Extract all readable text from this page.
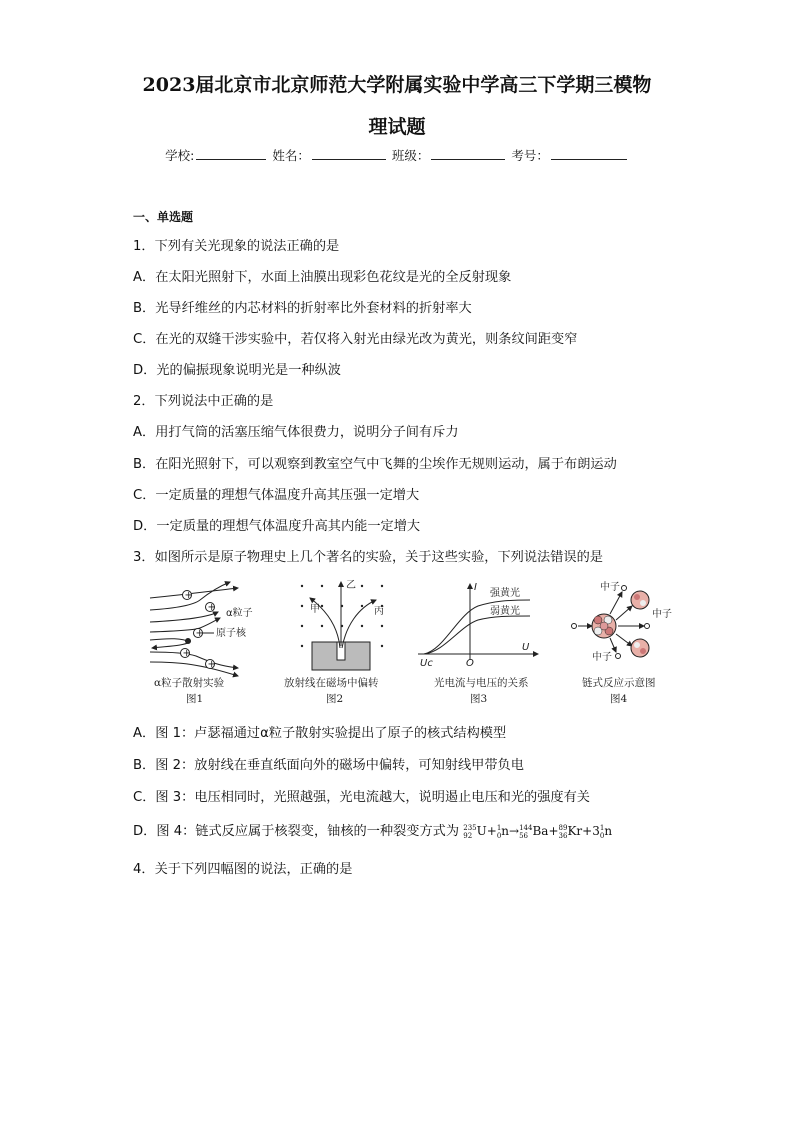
2023届北京市北京师范大学附属实验中学高三下学期三模物
理试题
学校:	姓名：	班级：	考号：
一、单选题
1．下列有关光现象的说法正确的是
A．在太阳光照射下，水面上油膜出现彩色花纹是光的全反射现象
B．光导纤维丝的内芯材料的折射率比外套材料的折射率大
C．在光的双缝干涉实验中，若仅将入射光由绿光改为黄光，则条纹间距变窄
D．光的偏振现象说明光是一种纵波
2．下列说法中正确的是
A．用打气筒的活塞压缩气体很费力，说明分子间有斥力
B．在阳光照射下，可以观察到教室空气中飞舞的尘埃作无规则运动，属于布朗运动
C．一定质量的理想气体温度升高其压强一定增大
D．一定质量的理想气体温度升高其内能一定增大
3．如图所示是原子物理史上几个著名的实验，关于这些实验，下列说法错误的是
+
+
+
+
+
α粒子
原子核
α粒子散射实验
图1
甲
乙
丙
放射线在磁场中偏转
图2
I
U
O
Uc
强黄光
弱黄光
光电流与电压的关系
图3
中子
中子
中子
链式反应示意图
图4
A．图 1：卢瑟福通过α粒子散射实验提出了原子的核式结构模型
B．图 2：放射线在垂直纸面向外的磁场中偏转，可知射线甲带负电
C．图 3：电压相同时，光照越强，光电流越大，说明遏止电压和光的强度有关
D．图 4：链式反应属于核裂变，铀核的一种裂变方式为 235
92 U+ 1
0 n→ 144
56 Ba+ 89
36 Kr+3 1
0 n
4．关于下列四幅图的说法，正确的是
